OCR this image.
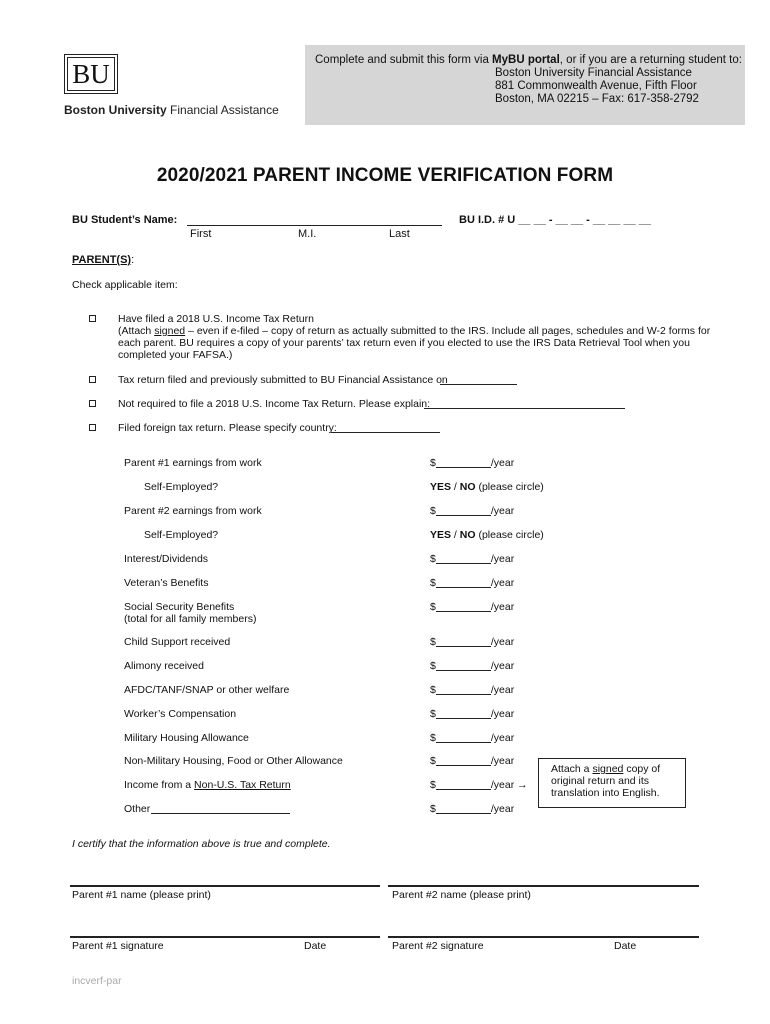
BU
Boston University Financial Assistance
Complete and submit this form via MyBU portal, or if you are a returning student to:
Boston University Financial Assistance
881 Commonwealth Avenue, Fifth Floor
Boston, MA 02215 – Fax: 617-358-2792
2020/2021 PARENT INCOME VERIFICATION FORM
BU Student’s Name:
First	M.I.	Last
BU I.D. # U __ __ - __ __ - __ __ __ __
PARENT(S):
Check applicable item:
Have filed a 2018 U.S. Income Tax Return
(Attach signed – even if e-filed – copy of return as actually submitted to the IRS. Include all pages, schedules and W-2 forms for
each parent. BU requires a copy of your parents’ tax return even if you elected to use the IRS Data Retrieval Tool when you
completed your FAFSA.)
Tax return filed and previously submitted to BU Financial Assistance on
Not required to file a 2018 U.S. Income Tax Return. Please explain:
Filed foreign tax return. Please specify country:
Parent #1 earnings from work	$	/year
Self-Employed?	YES / NO (please circle)
Parent #2 earnings from work	$	/year
Self-Employed?	YES / NO (please circle)
Interest/Dividends	$	/year
Veteran’s Benefits	$	/year
Social Security Benefits
(total for all family members)
$	/year
Child Support received	$	/year
Alimony received	$	/year
AFDC/TANF/SNAP or other welfare	$	/year
Worker’s Compensation	$	/year
Military Housing Allowance	$	/year
Non-Military Housing, Food or Other Allowance	$	/year
Income from a Non-U.S. Tax Return	$	/year →
Other	$	/year
Attach a signed copy of
original return and its
translation into English.
I certify that the information above is true and complete.
Parent #1 name (please print)	Parent #2 name (please print)
Parent #1 signature	Date	Parent #2 signature	Date
incverf-par
